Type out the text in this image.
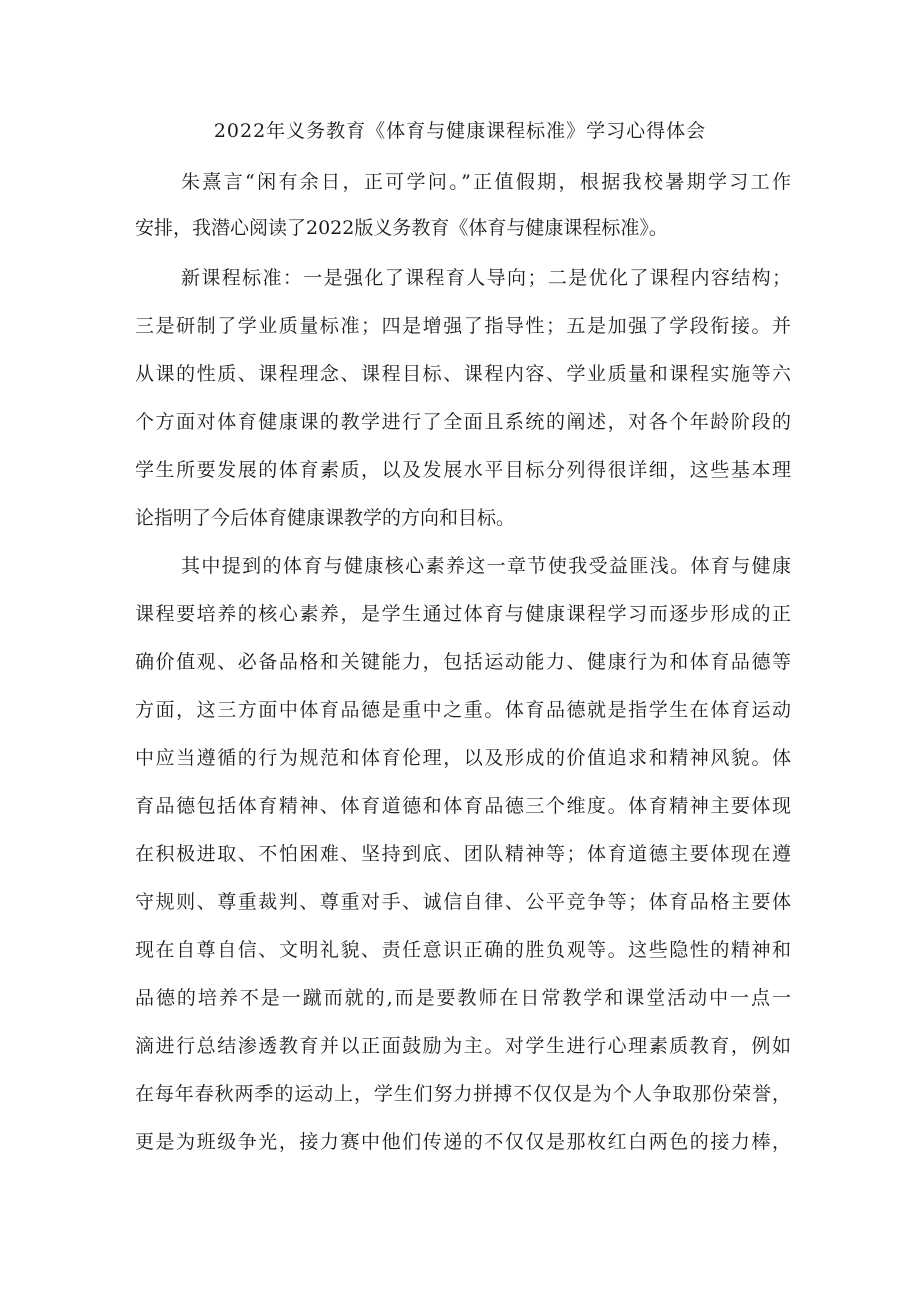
2022年义务教育《体育与健康课程标准》学习心得体会
朱熹言“闲有余日，正可学问。”正值假期，根据我校暑期学习工作
安排，我潜心阅读了2022版义务教育《体育与健康课程标准》。
新课程标准：一是强化了课程育人导向；二是优化了课程内容结构；
三是研制了学业质量标准；四是增强了指导性；五是加强了学段衔接。并
从课的性质、课程理念、课程目标、课程内容、学业质量和课程实施等六
个方面对体育健康课的教学进行了全面且系统的阐述，对各个年龄阶段的
学生所要发展的体育素质，以及发展水平目标分列得很详细，这些基本理
论指明了今后体育健康课教学的方向和目标。
其中提到的体育与健康核心素养这一章节使我受益匪浅。体育与健康
课程要培养的核心素养，是学生通过体育与健康课程学习而逐步形成的正
确价值观、必备品格和关键能力，包括运动能力、健康行为和体育品德等
方面，这三方面中体育品德是重中之重。体育品德就是指学生在体育运动
中应当遵循的行为规范和体育伦理，以及形成的价值追求和精神风貌。体
育品德包括体育精神、体育道德和体育品德三个维度。体育精神主要体现
在积极进取、不怕困难、坚持到底、团队精神等；体育道德主要体现在遵
守规则、尊重裁判、尊重对手、诚信自律、公平竞争等；体育品格主要体
现在自尊自信、文明礼貌、责任意识正确的胜负观等。这些隐性的精神和
品德的培养不是一蹴而就的,而是要教师在日常教学和课堂活动中一点一
滴进行总结渗透教育并以正面鼓励为主。对学生进行心理素质教育，例如
在每年春秋两季的运动上，学生们努力拼搏不仅仅是为个人争取那份荣誉，
更是为班级争光，接力赛中他们传递的不仅仅是那枚红白两色的接力棒，
